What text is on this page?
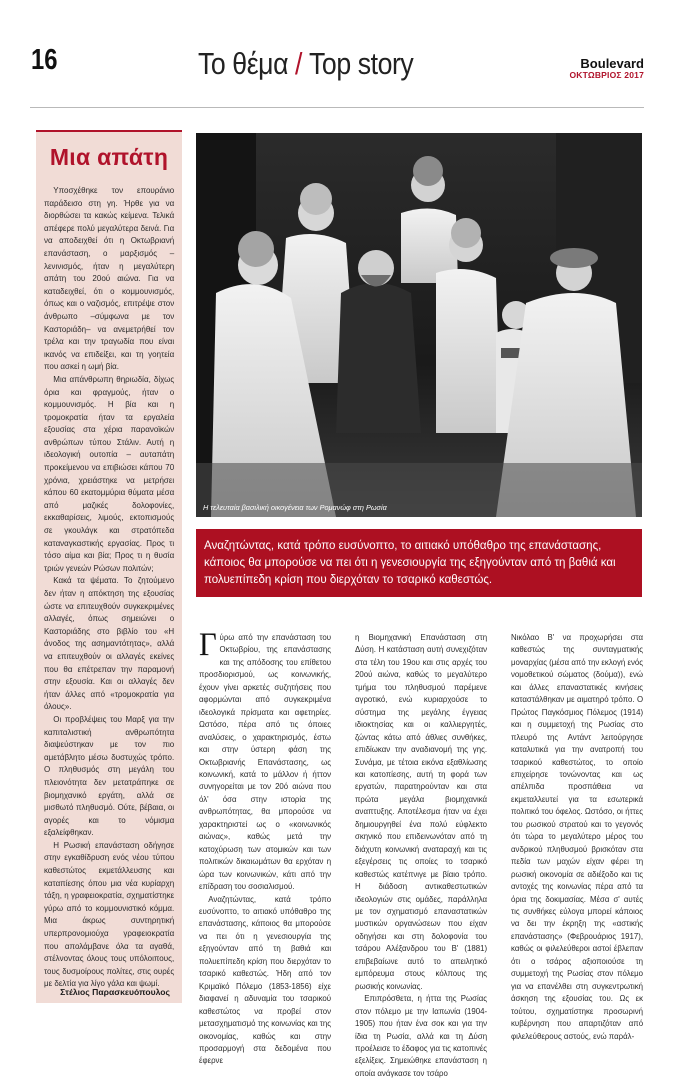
16	Το θέμα / Top story	Boulevard
ΟΚΤΩΒΡΙΟΣ 2017
Μια απάτη

Υποσχέθηκε τον επουράνιο παράδεισο στη γη. Ήρθε για να διορθώσει τα κακώς κείμενα. Τελικά απέφερε πολύ μεγαλύτερα δεινά. Για να αποδειχθεί ότι η Οκτωβριανή επανάσταση, ο μαρξισμός – λενινισμός, ήταν η μεγαλύτερη απάτη του 20ού αιώνα. Για να καταδειχθεί, ότι ο κομμουνισμός, όπως και ο ναζισμός, επιτρέψε στον άνθρωπο –σύμφωνα με τον Καστοριάδη– να ανεμετρήθεί τον τρέλα και την τραγωδία που είναι ικανός να επιδείξει, και τη γοητεία που ασκεί η ωμή βία.

Μια απάνθρωπη θηριωδία, δίχως όρια και φραγμούς, ήταν ο κομμουνισμός. Η βία και η τρομοκρατία ήταν τα εργαλεία εξουσίας στα χέρια παρανοϊκών ανθρώπων τύπου Στάλιν. Αυτή η ιδεολογική ουτοπία – αυταπάτη προκείμενου να επιβιώσει κάπου 70 χρόνια, χρειάστηκε να μετρήσει κάπου 60 εκατομμύρια θύματα μέσα από μαζικές δολοφονίες, εκκαθαρίσεις, λιμούς, εκτοπισμούς σε γκουλάγκ και στρατόπεδα καταναγκαστικής εργασίας. Προς τι τόσο αίμα και βία; Προς τι η θυσία τριών γενεών Ρώσων πολιτών;

Κακά τα ψέματα. Το ζητούμενο δεν ήταν η απόκτηση της εξουσίας ώστε να επιτευχθούν συγκεκριμένες αλλαγές, όπως σημειώνει ο Καστοριάδης στο βιβλίο του «Η άνοδος της ασημαντότητας», αλλά να επιτευχθούν οι αλλαγές εκείνες που θα επέτρεπαν την παραμονή στην εξουσία. Και οι αλλαγές δεν ήταν άλλες από «τρομοκρατία για όλους».

Οι προβλέψεις του Μαρξ για την καπιταλιστική ανθρωπότητα διαψεύστηκαν με τον πιο αμετάβλητο μέσω δυστυχώς τρόπο. Ο πληθυσμός στη μεγάλη του πλειονότητα δεν μετατράπηκε σε βιομηχανικό εργάτη, αλλά σε μισθωτό πληθυσμό. Ούτε, βέβαια, οι αγορές και το νόμισμα εξαλείφθηκαν.

Η Ρωσική επανάσταση οδήγησε στην εγκαθίδρυση ενός νέου τύπου καθεστώτος εκμετάλλευσης και καταπίεσης όπου μια νέα κυρίαρχη τάξη, η γραφειοκρατία, σχηματίστηκε γύρω από το κομμουνιστικό κόμμα. Μια άκρως συντηρητική υπερπρονομιούχα γραφειοκρατία που απολάμβανε όλα τα αγαθά, στέλνοντας όλους τους υπόλοιπους, τους δυσμοίρους πολίτες, στις ουρές με δελτία για λίγο γάλα και ψωμί.

Στέλιος Παρασκευόπουλος
Η τελευταία βασιλική οικογένεια των Ρομανώφ στη Ρωσία

Αναζητώντας, κατά τρόπο ευσύνοπτο, το αιτιακό υπόθαθρο της επανάστασης, κάποιος θα μπορούσε να πει ότι η γενεσιουργία της εξηγούνταν από τη βαθιά και πολυεπίπεδη κρίση που διερχόταν το τσαρικό καθεστώς.

Γ ύρω από την επανάσταση του Οκτωβρίου, της επανάστασης και της απόδοσης του επίθετου προσδιορισμού, ως κοινωνικής, έχουν γίνει αρκετές συζητήσεις που αφορμώνται από συγκεκριμένα ιδεολογικά πρίσματα και αφετηρίες. Ωστόσο, πέρα από τις όποιες αναλύσεις, ο χαρακτηρισμός, έστω και στην ύστερη φάση της Οκτωβριανής Επανάστασης, ως κοινωνική, κατά το μάλλον ή ήττον συνηγορείται με τον 20ό αιώνα που όλ' όσα στην ιστορία της ανθρωπότητας, θα μπορούσε να χαρακτηριστεί ως ο «κοινωνικός αιώνας», καθώς μετά την κατοχύρωση των ατομικών και των πολιτικών δικαιωμάτων θα ερχόταν η ώρα των κοινωνικών, κάτι από την επίδραση του σοσιαλισμού.

Αναζητώντας, κατά τρόπο ευσύνοπτο, το αιτιακό υπόθαθρο της επανάστασης, κάποιος θα μπορούσε να πει ότι η γενεσιουργία της εξηγούνταν από τη βαθιά και πολυεπίπεδη κρίση που διερχόταν το τσαρικό καθεστώς. Ήδη από τον Κριμαϊκό Πόλεμο (1853-1856) είχε διαφανεί η αδυναμία του τσαρικού καθεστώτος να προβεί στον μετασχηματισμό της κοινωνίας και της οικονομίας, καθώς και στην προσαρμογή στα δεδομένα που έφερνε

η Βιομηχανική Επανάσταση στη Δύση. Η κατάσταση αυτή συνεχιζόταν στα τέλη του 19ου και στις αρχές του 20ού αιώνα, καθώς το μεγαλύτερο τμήμα του πληθυσμού παρέμενε αγροτικό, ενώ κυριαρχούσε το σύστημα της μεγάλης έγγειας ιδιοκτησίας και οι καλλιεργητές, ζώντας κάτω από άθλιες συνθήκες, επιδίωκαν την αναδιανομή της γης. Συνάμα, με τέτοια εικόνα εξαθλίωσης και κατοπίεσης, αυτή τη φορά των εργατών, παρατηρούνταν και στα πρώτα μεγάλα βιομηχανικά αναπτυξης. Αποτέλεσμα ήταν να έχει δημιουργηθεί ένα πολύ εύφλεκτο σκηνικό που επιδεινωνόταν από τη διάχυτη κοινωνική αναταραχή και τις εξεγέρσεις τις οποίες το τσαρικό καθεστώς κατέπνιγε με βίαιο τρόπο. Η διάδοση αντικαθεστωτικών ιδεολογιών στις ομάδες, παράλληλα με τον σχηματισμό επαναστατικών μυστικών οργανώσεων που είχαν οδηγήσει και στη δολοφονία του τσάρου Αλέξανδρου του Β' (1881) επιβεβαίωνε αυτό το απειλητικό εμπόρευμα στους κόλπους της ρωσικής κοινωνίας.

Επιπρόσθετα, η ήττα της Ρωσίας στον πόλεμο με την Ιαπωνία (1904-1905) που ήταν ένα σοκ και για την ίδια τη Ρωσία, αλλά και τη Δύση προέλεισε το έδαφος για τις κατοπινές εξελίξεις. Σημειώθηκε επανάσταση η οποία ανάγκασε τον τσάρο

Νικόλαο Β' να προχωρήσει στα καθεστώς της συνταγματικής μοναρχίας (μέσα από την εκλογή ενός νομοθετικού σώματος (δούμα)), ενώ και άλλες επαναστατικές κινήσεις καταστάλθηκαν με αιματηρό τρόπο. Ο Πρώτος Παγκόσμιος Πόλεμος (1914) και η συμμετοχή της Ρωσίας στο πλευρό της Αντάντ λειτούργησε καταλυτικά για την ανατροπή του τσαρικού καθεστώτος, το οποίο επιχείρησε τονώνοντας και ως απέλπιδα προσπάθεια να εκμεταλλευτεί για τα εσωτερικά πολιτικό του όφελος. Ωστόσο, οι ήττες του ρωσικού στρατού και το γεγονός ότι τώρα το μεγαλύτερο μέρος του ανδρικού πληθυσμού βρισκόταν στα πεδία των μαχών είχαν φέρει τη ρωσική οικονομία σε αδιέξοδο και τις αντοχές της κοινωνίας πέρα από τα όρια της δοκιμασίας. Μέσα σ' αυτές τις συνθήκες εύλογα μπορεί κάποιος να δει την έκρηξη της «αστικής επανάστασης» (Φεβρουάριος 1917), καθώς οι φιλελεύθεροι αστοί έβλεπαν ότι ο τσάρος αξιοποιούσε τη συμμετοχή της Ρωσίας στον πόλεμο για να επανέλθει στη συγκεντρωτική άσκηση της εξουσίας του. Ως εκ τούτου, σχηματίστηκε προσωρινή κυβέρνηση που απαρτιζόταν από φιλελεύθερους αστούς, ενώ παράλ-
